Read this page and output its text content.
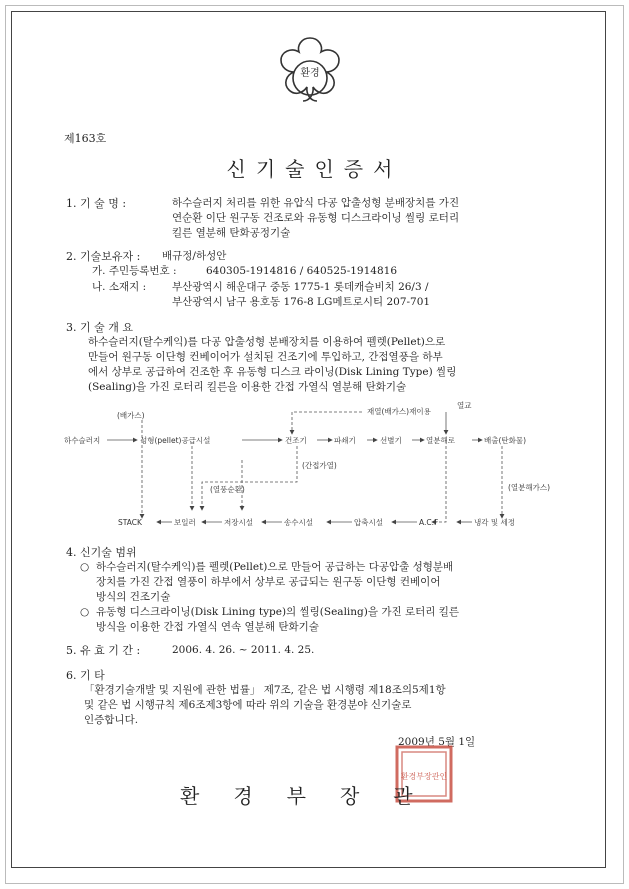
환경
제163호
신기술인증서
1. 기 술 명 :	하수슬러지 처리를 위한 유압식 다공 압출성형 분배장치를 가진
연순환 이단 원구동 건조로와 유동형 디스크라이닝 씰링 로터리
킬른 열분해 탄화공정기술
2. 기술보유자 : 배규정/하성안
가. 주민등록번호 :	640305-1914816 / 640525-1914816
나. 소재지 : 부산광역시 해운대구 중동 1775-1 롯데캐슬비치 26/3 /
부산광역시 남구 용호동 176-8 LG메트로시티 207-701
3. 기 술 개 요
하수슬러지(탈수케익)를 다공 압출성형 분배장치를 이용하여 펠렛(Pellet)으로
만들어 원구동 이단형 컨베이어가 설치된 건조기에 투입하고, 간접열풍을 하부
에서 상부로 공급하여 건조한 후 유동형 디스크 라이닝(Disk Lining Type) 씰링
(Sealing)을 가진 로터리 킬른을 이용한 간접 가열식 열분해 탄화기술
재열(배가스)재이용
열교
(배가스)
하수슬러지	성형(pellet)공급시설	건조기	파쇄기	선별기	열분해로	배출(탄화물)
(간접가열)
(열풍순환)	(열분해가스)
STACK	보일러	저장시설	송수시설	압축시설	A.C.F	냉각 및 세정
4. 신기술 범위
○ 하수슬러지(탈수케익)를 펠렛(Pellet)으로 만들어 공급하는 다공압출 성형분배
장치를 가진 간접 열풍이 하부에서 상부로 공급되는 원구동 이단형 컨베이어
방식의 건조기술
○ 유동형 디스크라이닝(Disk Lining type)의 씰링(Sealing)을 가진 로터리 킬른
방식을 이용한 간접 가열식 연속 열분해 탄화기술
5. 유 효 기 간 :	2006. 4. 26. ~ 2011. 4. 25.
6. 기 타
「환경기술개발 및 지원에 관한 법률」 제7조, 같은 법 시행령 제18조의5제1항
및 같은 법 시행규칙 제6조제3항에 따라 위의 기술을 환경분야 신기술로
인증합니다.
2009년 5월 1일
환경부장관인
환경부장관
